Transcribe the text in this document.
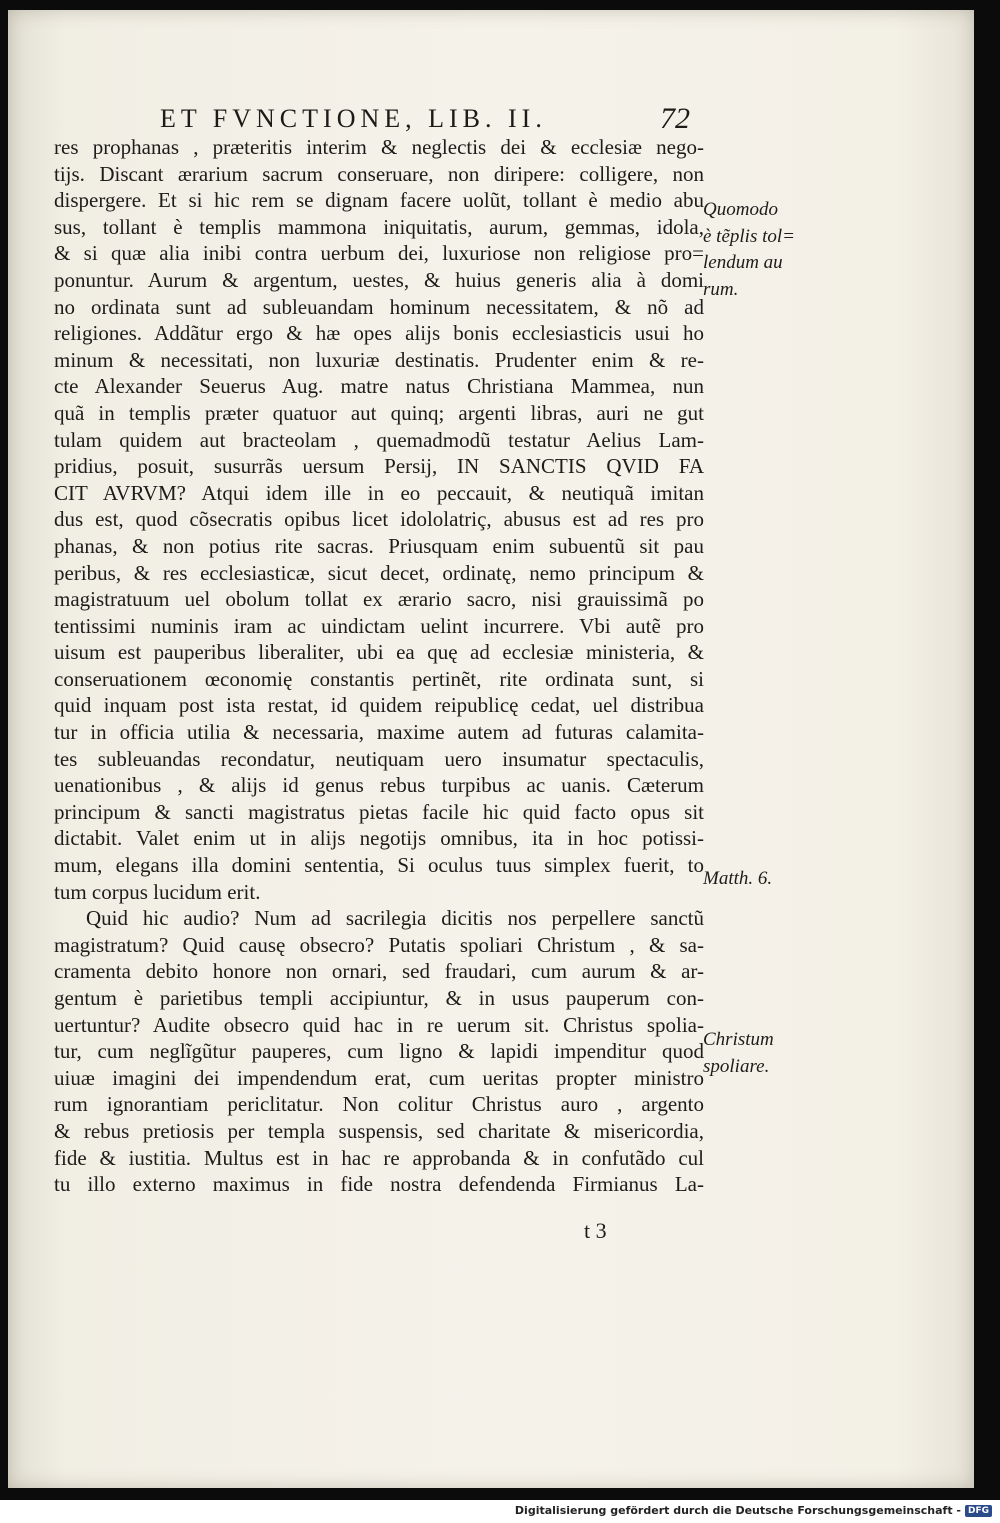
ET FVNCTIONE, LIB. II.	72
res prophanas , præteritis interim & neglectis dei & ecclesiæ nego-
tijs. Discant ærarium sacrum conseruare, non diripere: colligere, non
dispergere. Et si hic rem se dignam facere uolũt, tollant è medio abu
sus, tollant è templis mammona iniquitatis, aurum, gemmas, idola,
& si quæ alia inibi contra uerbum dei, luxuriose non religiose pro=
ponuntur. Aurum & argentum, uestes, & huius generis alia à domi
no ordinata sunt ad subleuandam hominum necessitatem, & nõ ad
religiones. Addãtur ergo & hæ opes alijs bonis ecclesiasticis usui ho
minum & necessitati, non luxuriæ destinatis. Prudenter enim & re-
cte Alexander Seuerus Aug. matre natus Christiana Mammea, nun
quã in templis præter quatuor aut quinq; argenti libras, auri ne gut
tulam quidem aut bracteolam , quemadmodũ testatur Aelius Lam-
pridius, posuit, susurrãs uersum Persij, IN SANCTIS QVID FA
CIT AVRVM? Atqui idem ille in eo peccauit, & neutiquã imitan
dus est, quod cõsecratis opibus licet idololatriç, abusus est ad res pro
phanas, & non potius rite sacras. Priusquam enim subuentũ sit pau
peribus, & res ecclesiasticæ, sicut decet, ordinatę, nemo principum &
magistratuum uel obolum tollat ex ærario sacro, nisi grauissimã po
tentissimi numinis iram ac uindictam uelint incurrere. Vbi autẽ pro
uisum est pauperibus liberaliter, ubi ea quę ad ecclesiæ ministeria, &
conseruationem œconomię constantis pertinẽt, rite ordinata sunt, si
quid inquam post ista restat, id quidem reipublicę cedat, uel distribua
tur in officia utilia & necessaria, maxime autem ad futuras calamita-
tes subleuandas recondatur, neutiquam uero insumatur spectaculis,
uenationibus , & alijs id genus rebus turpibus ac uanis. Cæterum
principum & sancti magistratus pietas facile hic quid facto opus sit
dictabit. Valet enim ut in alijs negotijs omnibus, ita in hoc potissi-
mum, elegans illa domini sententia, Si oculus tuus simplex fuerit, to
tum corpus lucidum erit.
Quid hic audio? Num ad sacrilegia dicitis nos perpellere sanctũ
magistratum? Quid causę obsecro? Putatis spoliari Christum , & sa-
cramenta debito honore non ornari, sed fraudari, cum aurum & ar-
gentum è parietibus templi accipiuntur, & in usus pauperum con-
uertuntur? Audite obsecro quid hac in re uerum sit. Christus spolia-
tur, cum neglĩgũtur pauperes, cum ligno & lapidi impenditur quod
uiuæ imagini dei impendendum erat, cum ueritas propter ministro
rum ignorantiam periclitatur. Non colitur Christus auro , argento
& rebus pretiosis per templa suspensis, sed charitate & misericordia,
fide & iustitia. Multus est in hac re approbanda & in confutãdo cul
tu illo externo maximus in fide nostra defendenda Firmianus La-
Quomodo
è tẽplis tol=
lendum au
rum.
Matth. 6.
Christum
spoliare.
t 3
Digitalisierung gefördert durch die Deutsche Forschungsgemeinschaft - DFG
